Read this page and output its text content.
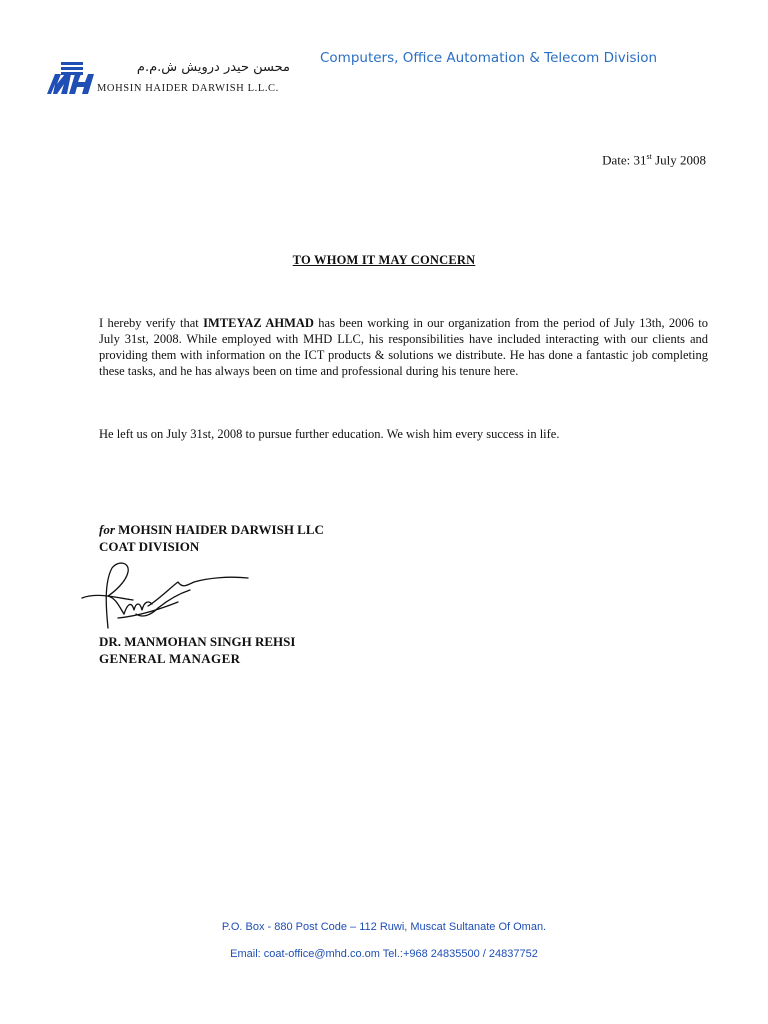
محسن حيدر درويش ش.م.م
MOHSIN HAIDER DARWISH L.L.C.
Computers, Office Automation & Telecom Division
Date: 31st July 2008
TO WHOM IT MAY CONCERN
I hereby verify that IMTEYAZ AHMAD has been working in our organization from the period of July 13th, 2006 to July 31st, 2008. While employed with MHD LLC, his responsibilities have included interacting with our clients and providing them with information on the ICT products & solutions we distribute. He has done a fantastic job completing these tasks, and he has always been on time and professional during his tenure here.
He left us on July 31st, 2008 to pursue further education. We wish him every success in life.
for MOHSIN HAIDER DARWISH LLC
COAT DIVISION
DR. MANMOHAN SINGH REHSI
GENERAL MANAGER
P.O. Box - 880 Post Code – 112 Ruwi, Muscat Sultanate Of Oman.
Email: coat-office@mhd.co.om Tel.:+968 24835500 / 24837752
